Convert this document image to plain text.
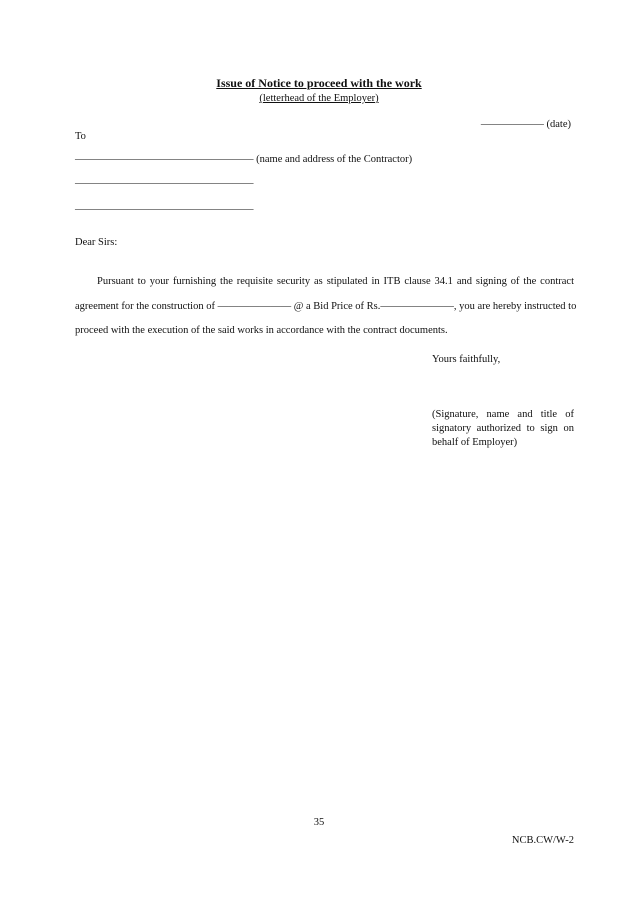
Issue of Notice to proceed with the work
(letterhead of the Employer)
—————— (date)
To
————————————————— (name and address of the Contractor)
—————————————————
—————————————————
Dear Sirs:
Pursuant to your furnishing the requisite security as stipulated in ITB clause 34.1 and signing of the contract
agreement for the construction of ——————— @ a Bid Price of Rs.———————, you are hereby instructed to
proceed with the execution of the said works in accordance with the contract documents.
Yours faithfully,
(Signature, name and title of
signatory authorized to sign on
behalf of Employer)
35
NCB.CW/W-2
